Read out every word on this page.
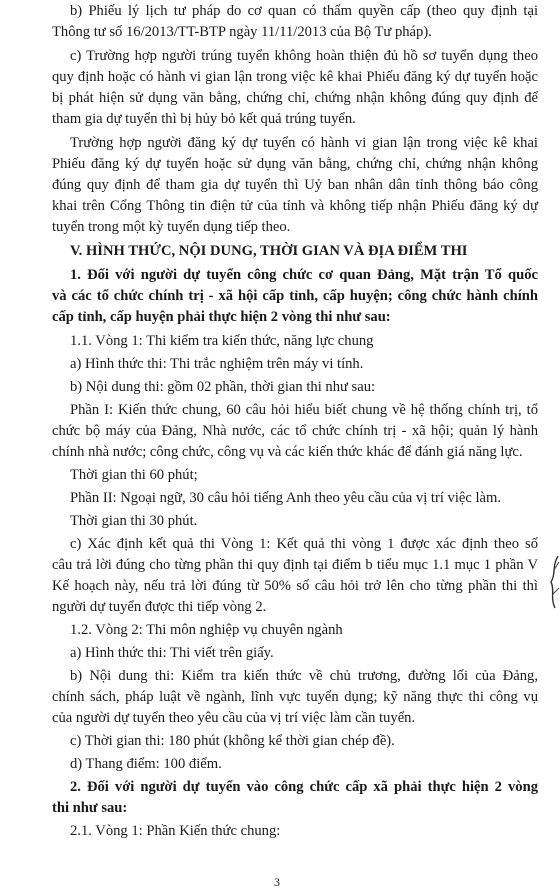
b) Phiếu lý lịch tư pháp do cơ quan có thẩm quyền cấp (theo quy định tại
Thông tư số 16/2013/TT-BTP ngày 11/11/2013 của Bộ Tư pháp).
c) Trường hợp người trúng tuyển không hoàn thiện đủ hồ sơ tuyển dụng theo
quy định hoặc có hành vi gian lận trong việc kê khai Phiếu đăng ký dự tuyển hoặc
bị phát hiện sử dụng văn bằng, chứng chỉ, chứng nhận không đúng quy định để
tham gia dự tuyển thì bị hủy bỏ kết quả trúng tuyển.
Trường hợp người đăng ký dự tuyển có hành vi gian lận trong việc kê khai
Phiếu đăng ký dự tuyển hoặc sử dụng văn bằng, chứng chỉ, chứng nhận không
đúng quy định để tham gia dự tuyển thì Uỷ ban nhân dân tỉnh thông báo công
khai trên Cổng Thông tin điện tử của tỉnh và không tiếp nhận Phiếu đăng ký dự
tuyển trong một kỳ tuyển dụng tiếp theo.
V. HÌNH THỨC, NỘI DUNG, THỜI GIAN VÀ ĐỊA ĐIỂM THI
1. Đối với người dự tuyển công chức cơ quan Đảng, Mặt trận Tổ quốc
và các tổ chức chính trị - xã hội cấp tỉnh, cấp huyện; công chức hành chính
cấp tỉnh, cấp huyện phải thực hiện 2 vòng thi như sau:
1.1. Vòng 1: Thi kiểm tra kiến thức, năng lực chung
a) Hình thức thi: Thi trắc nghiệm trên máy vi tính.
b) Nội dung thi: gồm 02 phần, thời gian thi như sau:
Phần I: Kiến thức chung, 60 câu hỏi hiểu biết chung về hệ thống chính trị, tổ
chức bộ máy của Đảng, Nhà nước, các tổ chức chính trị - xã hội; quản lý hành
chính nhà nước; công chức, công vụ và các kiến thức khác để đánh giá năng lực.
Thời gian thi 60 phút;
Phần II: Ngoại ngữ, 30 câu hỏi tiếng Anh theo yêu cầu của vị trí việc làm.
Thời gian thi 30 phút.
c) Xác định kết quả thi Vòng 1: Kết quả thi vòng 1 được xác định theo số
câu trả lời đúng cho từng phần thi quy định tại điểm b tiểu mục 1.1 mục 1 phần V
Kế hoạch này, nếu trả lời đúng từ 50% số câu hỏi trở lên cho từng phần thi thì
người dự tuyển được thi tiếp vòng 2.
1.2. Vòng 2: Thi môn nghiệp vụ chuyên ngành
a) Hình thức thi: Thi viết trên giấy.
b) Nội dung thi: Kiểm tra kiến thức về chủ trương, đường lối của Đảng,
chính sách, pháp luật về ngành, lĩnh vực tuyển dụng; kỹ năng thực thi công vụ
của người dự tuyển theo yêu cầu của vị trí việc làm cần tuyển.
c) Thời gian thi: 180 phút (không kể thời gian chép đề).
d) Thang điểm: 100 điểm.
2. Đối với người dự tuyển vào công chức cấp xã phải thực hiện 2 vòng
thi như sau:
2.1. Vòng 1: Phần Kiến thức chung:
3
